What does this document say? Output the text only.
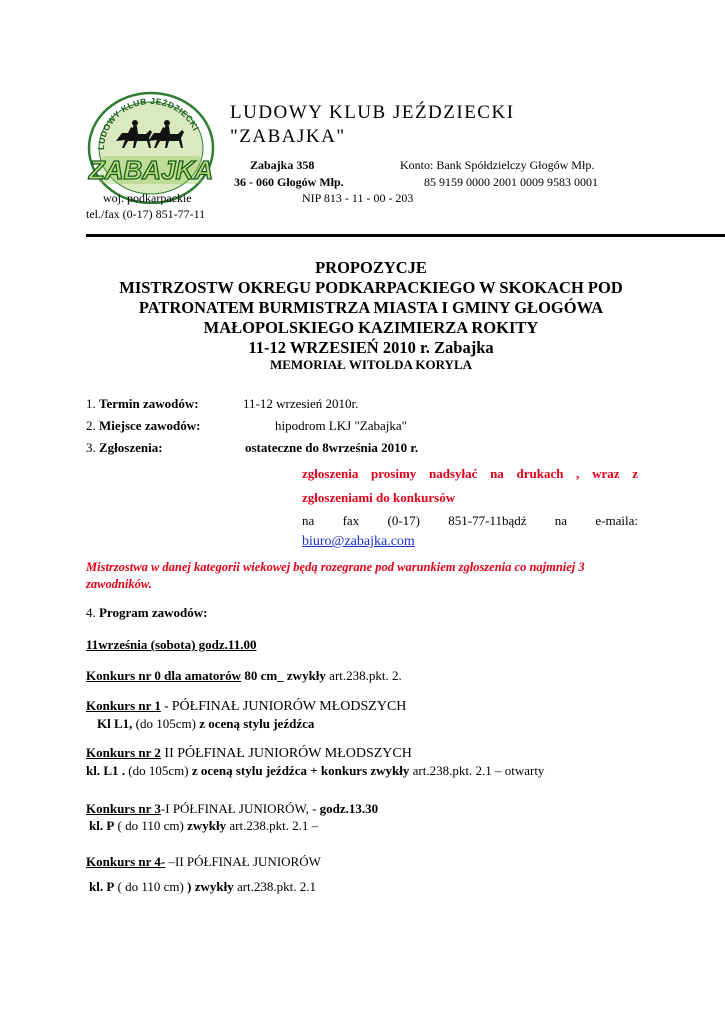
LUDOWY KLUB JEŹDZIECKI
ZABAJKA
LUDOWY KLUB JEŹDZIECKI
"ZABAJKA"
Zabajka 358
36 - 060 Głogów Młp.
woj. podkarpackie
tel./fax (0-17) 851-77-11
Konto: Bank Spółdzielczy Głogów Młp.
85 9159 0000 2001 0009 9583 0001
NIP 813 - 11 - 00 - 203
PROPOZYCJE
MISTRZOSTW OKREGU PODKARPACKIEGO W SKOKACH POD
PATRONATEM BURMISTRZA MIASTA I GMINY GŁOGÓWA
MAŁOPOLSKIEGO KAZIMIERZA ROKITY
11-12 WRZESIEŃ 2010 r. Zabajka
MEMORIAŁ WITOLDA KORYLA
1. Termin zawodów:	11-12 wrzesień 2010r.
2. Miejsce zawodów:	hipodrom LKJ "Zabajka"
3. Zgłoszenia:	ostateczne do 8września 2010 r.
zgłoszenia prosimy nadsyłać na drukach , wraz z
zgłoszeniami do konkursów
na fax (0-17) 851-77-11bądź na e-maila:
biuro@zabajka.com
Mistrzostwa w danej kategorii wiekowej będą rozegrane pod warunkiem zgłoszenia co najmniej 3 zawodników.
4. Program zawodów:
11września (sobota) godz.11.00
Konkurs nr 0 dla amatorów 80 cm_ zwykły art.238.pkt. 2.
Konkurs nr 1 - PÓŁFINAŁ JUNIORÓW MŁODSZYCH
Kl L1, (do 105cm) z oceną stylu jeźdźca
Konkurs nr 2 II PÓŁFINAŁ JUNIORÓW MŁODSZYCH
kl. L1 . (do 105cm) z oceną stylu jeźdźca + konkurs zwykły art.238.pkt. 2.1 – otwarty
Konkurs nr 3-I PÓŁFINAŁ JUNIORÓW, - godz.13.30
kl. P ( do 110 cm) zwykły art.238.pkt. 2.1 –
Konkurs nr 4- –II PÓŁFINAŁ JUNIORÓW
kl. P ( do 110 cm) ) zwykły art.238.pkt. 2.1
